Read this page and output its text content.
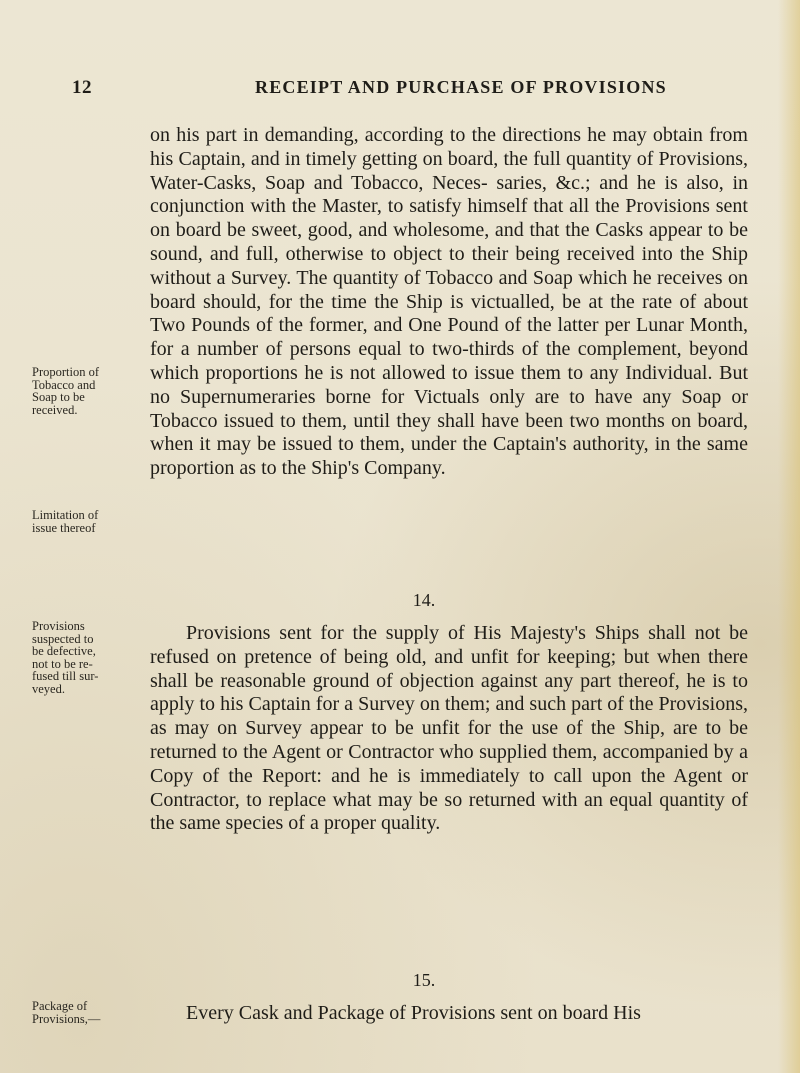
12	RECEIPT AND PURCHASE OF PROVISIONS
Proportion of
Tobacco and
Soap to be
received.
Limitation of
issue thereof

on his part in demanding, according to the directions he may obtain from his Captain, and in timely getting on board, the full quantity of Provisions, Water-Casks, Soap and Tobacco, Neces- saries, &c.; and he is also, in conjunction with the Master, to satisfy himself that all the Provisions sent on board be sweet, good, and wholesome, and that the Casks appear to be sound, and full, otherwise to object to their being received into the Ship without a Survey. The quantity of Tobacco and Soap which he receives on board should, for the time the Ship is victualled, be at the rate of about Two Pounds of the former, and One Pound of the latter per Lunar Month, for a number of persons equal to two-thirds of the complement, beyond which proportions he is not allowed to issue them to any Individual. But no Supernumeraries borne for Victuals only are to have any Soap or Tobacco issued to them, until they shall have been two months on board, when it may be issued to them, under the Captain's authority, in the same proportion as to the Ship's Company.

14.
Provisions
suspected to
be defective,
not to be re-
fused till sur-
veyed.

Provisions sent for the supply of His Majesty's Ships shall not be refused on pretence of being old, and unfit for keeping; but when there shall be reasonable ground of objection against any part thereof, he is to apply to his Captain for a Survey on them; and such part of the Provisions, as may on Survey appear to be unfit for the use of the Ship, are to be returned to the Agent or Contractor who supplied them, accompanied by a Copy of the Report: and he is immediately to call upon the Agent or Contractor, to replace what may be so returned with an equal quantity of the same species of a proper quality.

15.
Package of
Provisions,—	Every Cask and Package of Provisions sent on board His
